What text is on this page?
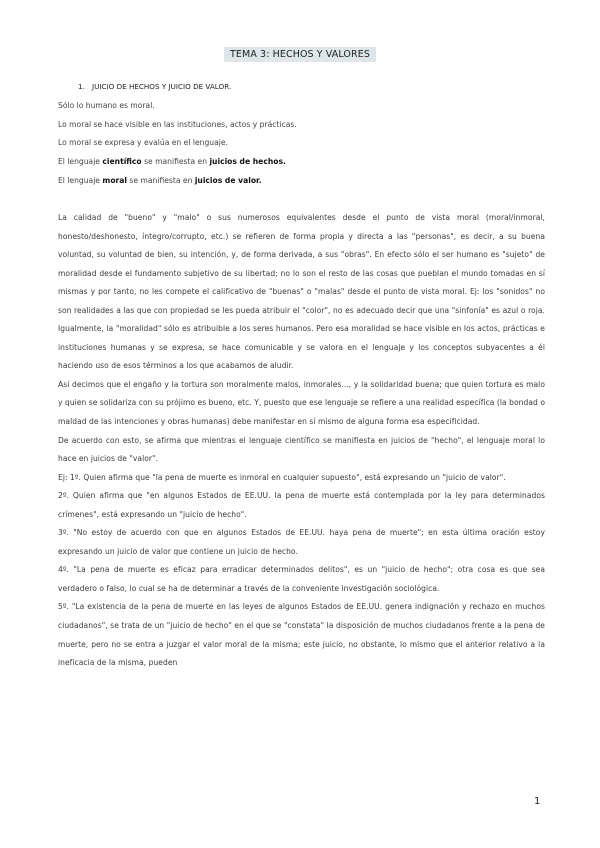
TEMA 3: HECHOS Y VALORES
1. JUICIO DE HECHOS Y JUICIO DE VALOR.
Sólo lo humano es moral.
Lo moral se hace visible en las instituciones, actos y prácticas.
Lo moral se expresa y evalúa en el lenguaje.
El lenguaje científico se manifiesta en juicios de hechos.
El lenguaje moral se manifiesta en juicios de valor.

La calidad de "bueno" y "malo" o sus numerosos equivalentes desde el punto de vista moral (moral/inmoral, honesto/deshonesto, íntegro/corrupto, etc.) se refieren de forma propia y directa a las "personas", es decir, a su buena voluntad, su voluntad de bien, su intención, y, de forma derivada, a sus "obras". En efecto sólo el ser humano es "sujeto" de moralidad desde el fundamento subjetivo de su libertad; no lo son el resto de las cosas que pueblan el mundo tomadas en sí mismas y por tanto, no les compete el calificativo de "buenas" o "malas" desde el punto de vista moral. Ej: los "sonidos" no son realidades a las que con propiedad se les pueda atribuir el "color", no es adecuado decir que una "sinfonía" es azul o roja. Igualmente, la "moralidad" sólo es atribuible a los seres humanos. Pero esa moralidad se hace visible en los actos, prácticas e instituciones humanas y se expresa, se hace comunicable y se valora en el lenguaje y los conceptos subyacentes a él haciendo uso de esos términos a los que acabamos de aludir.

Así decimos que el engaño y la tortura son moralmente malos, inmorales..., y la solidaridad buena; que quien tortura es malo y quien se solidariza con su prójimo es bueno, etc. Y, puesto que ese lenguaje se refiere a una realidad específica (la bondad o maldad de las intenciones y obras humanas) debe manifestar en sí mismo de alguna forma esa especificidad.

De acuerdo con esto, se afirma que mientras el lenguaje científico se manifiesta en juicios de "hecho", el lenguaje moral lo hace en juicios de "valor".

Ej: 1º. Quien afirma que "la pena de muerte es inmoral en cualquier supuesto", está expresando un "juicio de valor".

2º. Quien afirma que "en algunos Estados de EE.UU. la pena de muerte está contemplada por la ley para determinados crímenes", está expresando un "juicio de hecho".

3º. "No estoy de acuerdo con que en algunos Estados de EE.UU. haya pena de muerte"; en esta última oración estoy expresando un juicio de valor que contiene un juicio de hecho.

4º. "La pena de muerte es eficaz para erradicar determinados delitos", es un "juicio de hecho"; otra cosa es que sea verdadero o falso, lo cual se ha de determinar a través de la conveniente investigación sociológica.

5º. "La existencia de la pena de muerte en las leyes de algunos Estados de EE.UU. genera indignación y rechazo en muchos ciudadanos", se trata de un "juicio de hecho" en el que se "constata" la disposición de muchos ciudadanos frente a la pena de muerte, pero no se entra a juzgar el valor moral de la misma; este juicio, no obstante, lo mismo que el anterior relativo a la ineficacia de la misma, pueden

1
